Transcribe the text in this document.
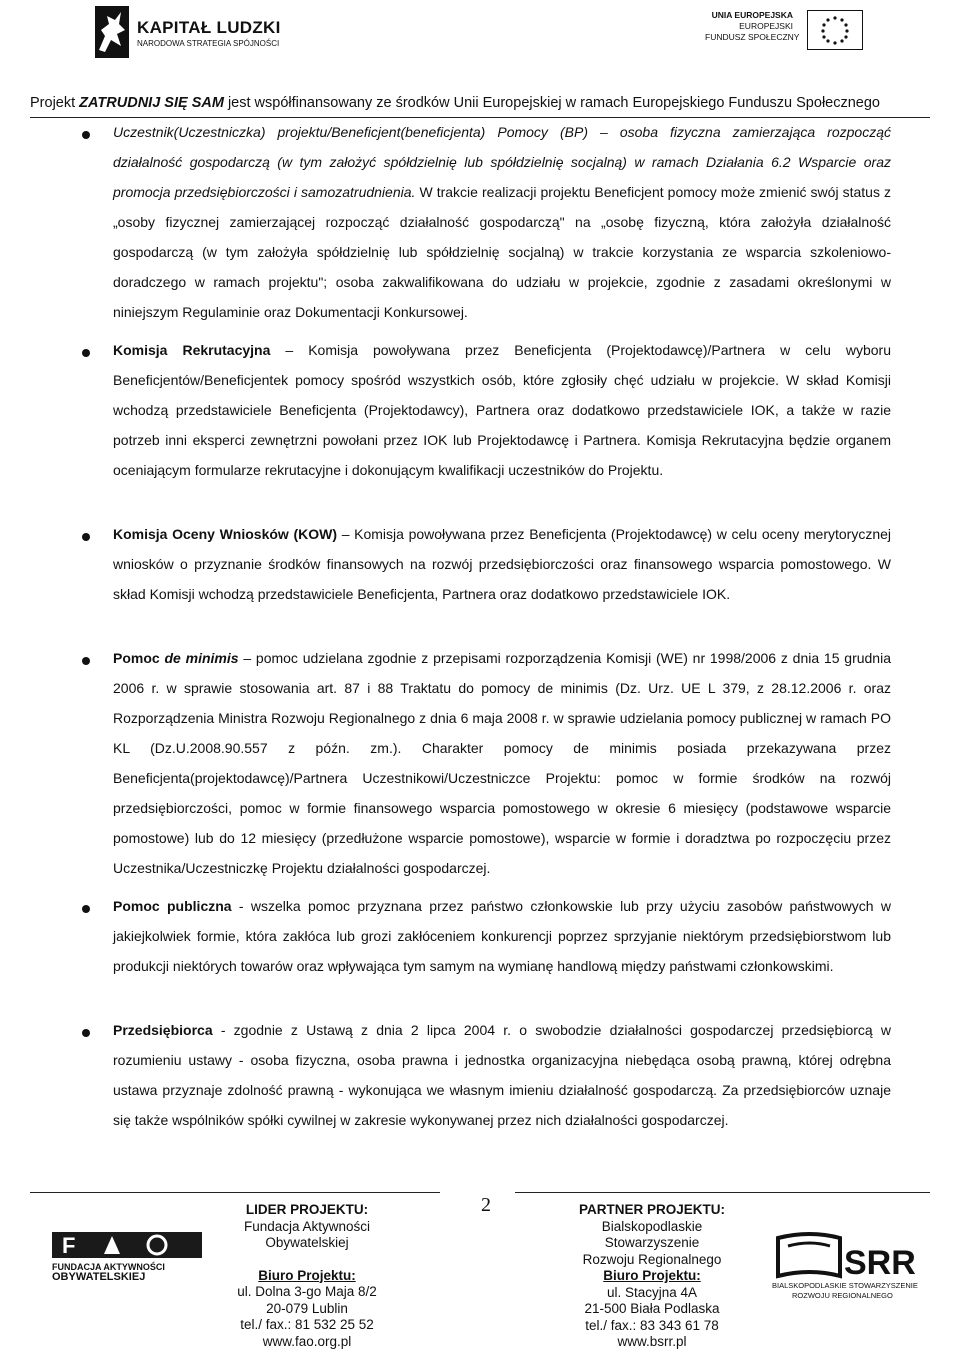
KAPITAŁ LUDZKI
NARODOWA STRATEGIA SPÓJNOŚCI
UNIA EUROPEJSKA
EUROPEJSKI
FUNDUSZ SPOŁECZNY
Projekt ZATRUDNIJ SIĘ SAM jest współfinansowany ze środków Unii Europejskiej w ramach Europejskiego Funduszu Społecznego

Uczestnik(Uczestniczka) projektu/Beneficjent(beneficjenta) Pomocy (BP) – osoba fizyczna zamierzająca rozpocząć działalność gospodarczą (w tym założyć spółdzielnię lub spółdzielnię socjalną) w ramach Działania 6.2 Wsparcie oraz promocja przedsiębiorczości i samozatrudnienia. W trakcie realizacji projektu Beneficjent pomocy może zmienić swój status z „osoby fizycznej zamierzającej rozpocząć działalność gospodarczą" na „osobę fizyczną, która założyła działalność gospodarczą (w tym założyła spółdzielnię lub spółdzielnię socjalną) w trakcie korzystania ze wsparcia szkoleniowo-doradczego w ramach projektu"; osoba zakwalifikowana do udziału w projekcie, zgodnie z zasadami określonymi w niniejszym Regulaminie oraz Dokumentacji Konkursowej.

Komisja Rekrutacyjna – Komisja powoływana przez Beneficjenta (Projektodawcę)/Partnera w celu wyboru Beneficjentów/Beneficjentek pomocy spośród wszystkich osób, które zgłosiły chęć udziału w projekcie. W skład Komisji wchodzą przedstawiciele Beneficjenta (Projektodawcy), Partnera oraz dodatkowo przedstawiciele IOK, a także w razie potrzeb inni eksperci zewnętrzni powołani przez IOK lub Projektodawcę i Partnera. Komisja Rekrutacyjna będzie organem oceniającym formularze rekrutacyjne i dokonującym kwalifikacji uczestników do Projektu.

Komisja Oceny Wniosków (KOW) – Komisja powoływana przez Beneficjenta (Projektodawcę) w celu oceny merytorycznej wniosków o przyznanie środków finansowych na rozwój przedsiębiorczości oraz finansowego wsparcia pomostowego. W skład Komisji wchodzą przedstawiciele Beneficjenta, Partnera oraz dodatkowo przedstawiciele IOK.

Pomoc de minimis – pomoc udzielana zgodnie z przepisami rozporządzenia Komisji (WE) nr 1998/2006 z dnia 15 grudnia 2006 r. w sprawie stosowania art. 87 i 88 Traktatu do pomocy de minimis (Dz. Urz. UE L 379, z 28.12.2006 r. oraz Rozporządzenia Ministra Rozwoju Regionalnego z dnia 6 maja 2008 r. w sprawie udzielania pomocy publicznej w ramach PO KL (Dz.U.2008.90.557 z późn. zm.). Charakter pomocy de minimis posiada przekazywana przez Beneficjenta(projektodawcę)/Partnera Uczestnikowi/Uczestniczce Projektu: pomoc w formie środków na rozwój przedsiębiorczości, pomoc w formie finansowego wsparcia pomostowego w okresie 6 miesięcy (podstawowe wsparcie pomostowe) lub do 12 miesięcy (przedłużone wsparcie pomostowe), wsparcie w formie i doradztwa po rozpoczęciu przez Uczestnika/Uczestniczkę Projektu działalności gospodarczej.

Pomoc publiczna - wszelka pomoc przyznana przez państwo członkowskie lub przy użyciu zasobów państwowych w jakiejkolwiek formie, która zakłóca lub grozi zakłóceniem konkurencji poprzez sprzyjanie niektórym przedsiębiorstwom lub produkcji niektórych towarów oraz wpływająca tym samym na wymianę handlową między państwami członkowskimi.

Przedsiębiorca - zgodnie z Ustawą z dnia 2 lipca 2004 r. o swobodzie działalności gospodarczej przedsiębiorcą w rozumieniu ustawy - osoba fizyczna, osoba prawna i jednostka organizacyjna niebędąca osobą prawną, której odrębna ustawa przyznaje zdolność prawną - wykonująca we własnym imieniu działalność gospodarczą. Za przedsiębiorców uznaje się także wspólników spółki cywilnej w zakresie wykonywanej przez nich działalności gospodarczej.

2
F
FUNDACJA AKTYWNOŚCI
OBYWATELSKIEJ
LIDER PROJEKTU:
Fundacja Aktywności
Obywatelskiej
Biuro Projektu:
ul. Dolna 3-go Maja 8/2
20-079 Lublin
tel./ fax.: 81 532 25 52
www.fao.org.pl
PARTNER PROJEKTU:
Bialskopodlaskie
Stowarzyszenie
Rozwoju Regionalnego
Biuro Projektu:
ul. Stacyjna 4A
21-500 Biała Podlaska
tel./ fax.: 83 343 61 78
www.bsrr.pl
SRR
BIALSKOPODLASKIE STOWARZYSZENIE
ROZWOJU REGIONALNEGO
